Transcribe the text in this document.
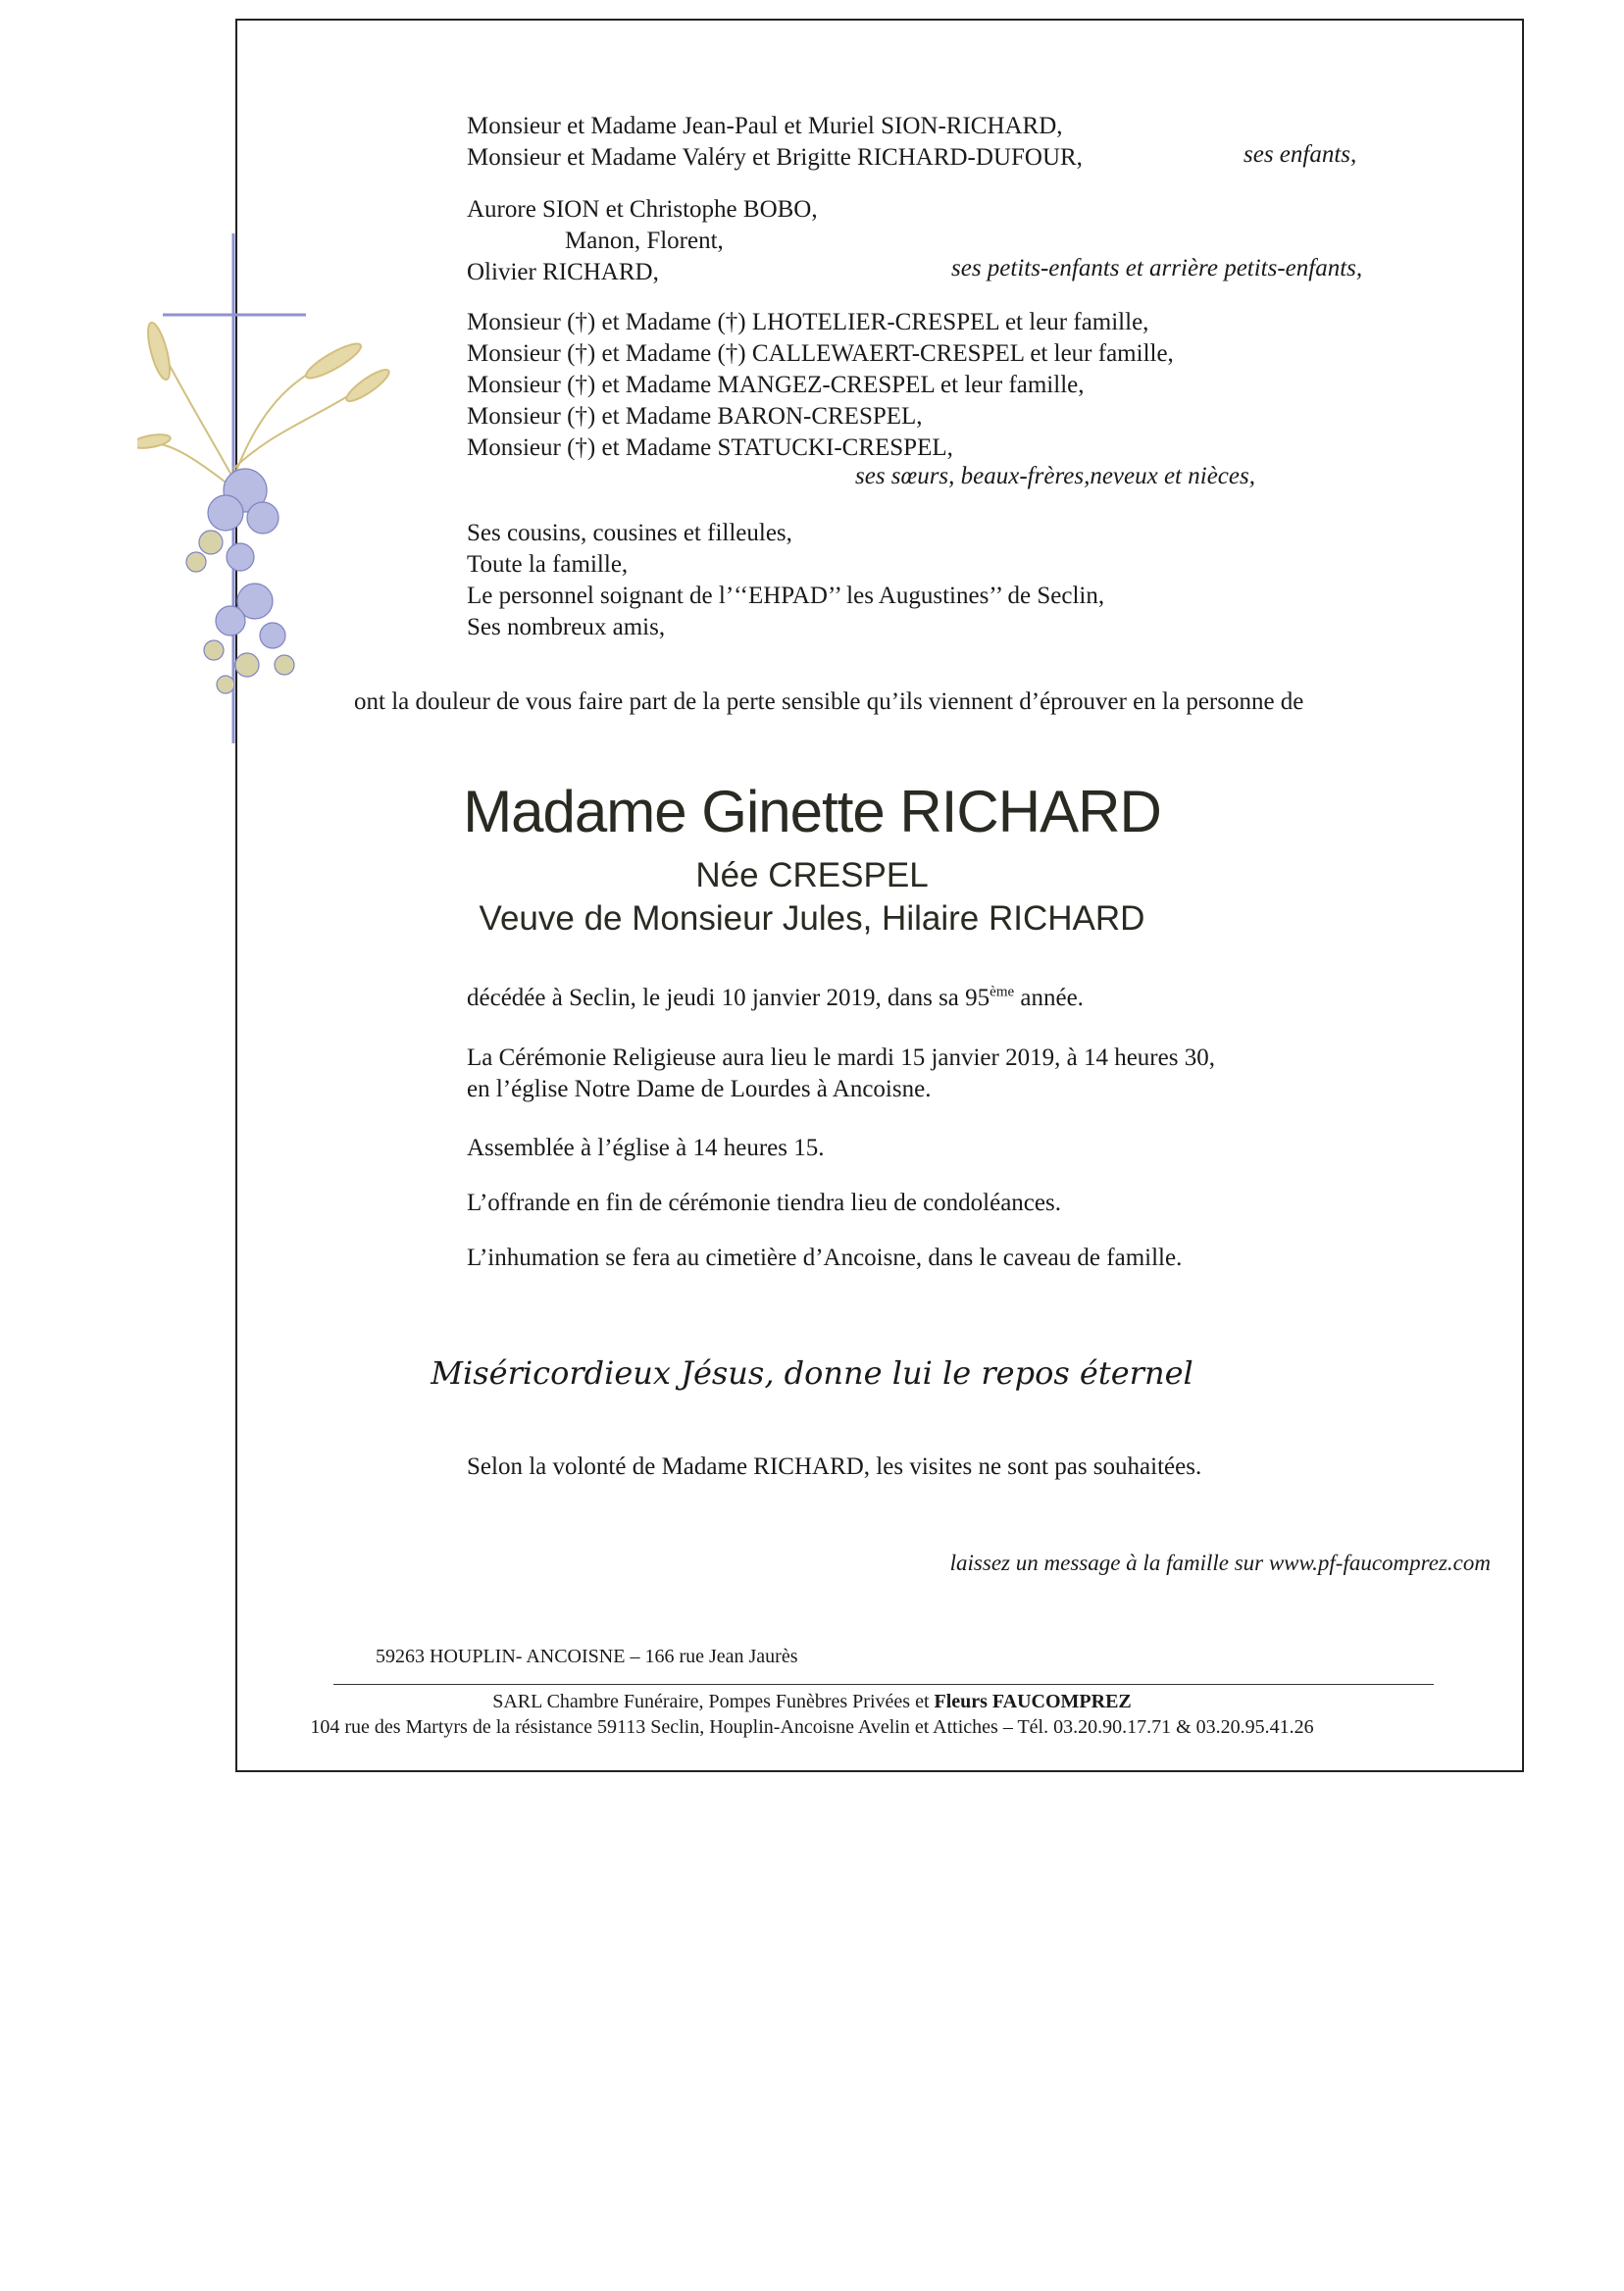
Monsieur et Madame Jean-Paul et Muriel SION-RICHARD,
Monsieur et Madame Valéry et Brigitte RICHARD-DUFOUR,	ses enfants,
Aurore SION et Christophe BOBO,
Manon, Florent,
Olivier RICHARD,	ses petits-enfants et arrière petits-enfants,
Monsieur (†) et Madame (†) LHOTELIER-CRESPEL et leur famille,
Monsieur (†) et Madame (†) CALLEWAERT-CRESPEL et leur famille,
Monsieur (†) et Madame MANGEZ-CRESPEL et leur famille,
Monsieur (†) et Madame BARON-CRESPEL,
Monsieur (†) et Madame STATUCKI-CRESPEL,
ses sœurs, beaux-frères,neveux et nièces,
Ses cousins, cousines et filleules,
Toute la famille,
Le personnel soignant de l’‘‘EHPAD’’ les Augustines’’ de Seclin,
Ses nombreux amis,
ont la douleur de vous faire part de la perte sensible qu’ils viennent d’éprouver en la personne de
Madame Ginette RICHARD
Née CRESPEL
Veuve de Monsieur Jules, Hilaire RICHARD
décédée à Seclin, le jeudi 10 janvier 2019, dans sa 95ème année.
La Cérémonie Religieuse aura lieu le mardi 15 janvier 2019, à 14 heures 30,
en l’église Notre Dame de Lourdes à Ancoisne.
Assemblée à l’église à 14 heures 15.
L’offrande en fin de cérémonie tiendra lieu de condoléances.
L’inhumation se fera au cimetière d’Ancoisne, dans le caveau de famille.
Miséricordieux Jésus, donne lui le repos éternel
Selon la volonté de Madame RICHARD, les visites ne sont pas souhaitées.
laissez un message à la famille sur www.pf-faucomprez.com
59263 HOUPLIN- ANCOISNE – 166 rue Jean Jaurès
SARL Chambre Funéraire, Pompes Funèbres Privées et Fleurs FAUCOMPREZ
104 rue des Martyrs de la résistance 59113 Seclin, Houplin-Ancoisne Avelin et Attiches – Tél. 03.20.90.17.71 & 03.20.95.41.26
